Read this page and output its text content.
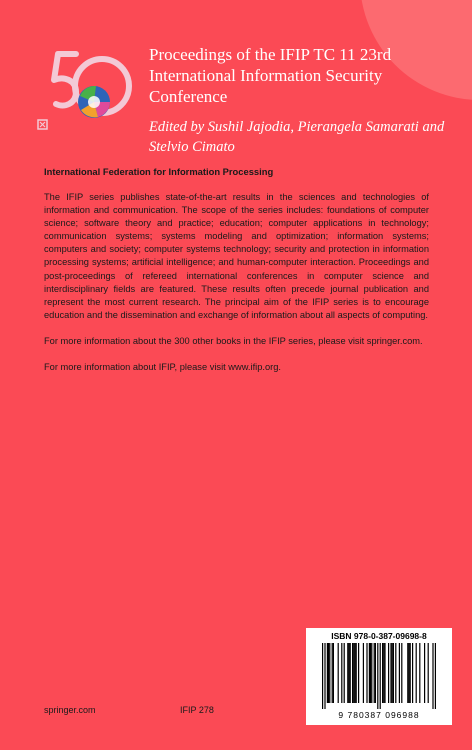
Proceedings of the IFIP TC 11 23rd International Information Security Conference

Edited by Sushil Jajodia, Pierangela Samarati and Stelvio Cimato

International Federation for Information Processing

The IFIP series publishes state-of-the-art results in the sciences and technologies of information and communication. The scope of the series includes: foundations of computer science; software theory and practice; education; computer applications in technology; communication systems; systems modeling and optimization; information systems; computers and society; computer systems technology; security and protection in information processing systems; artificial intelligence; and human-computer interaction. Proceedings and post-proceedings of refereed international conferences in computer science and interdisciplinary fields are featured. These results often precede journal publication and represent the most current research. The principal aim of the IFIP series is to encourage education and the dissemination and exchange of information about all aspects of computing.

For more information about the 300 other books in the IFIP series, please visit springer.com.

For more information about IFIP, please visit www.ifip.org.

ISBN 978-0-387-09698-8
9 780387 096988
springer.com	IFIP 278
